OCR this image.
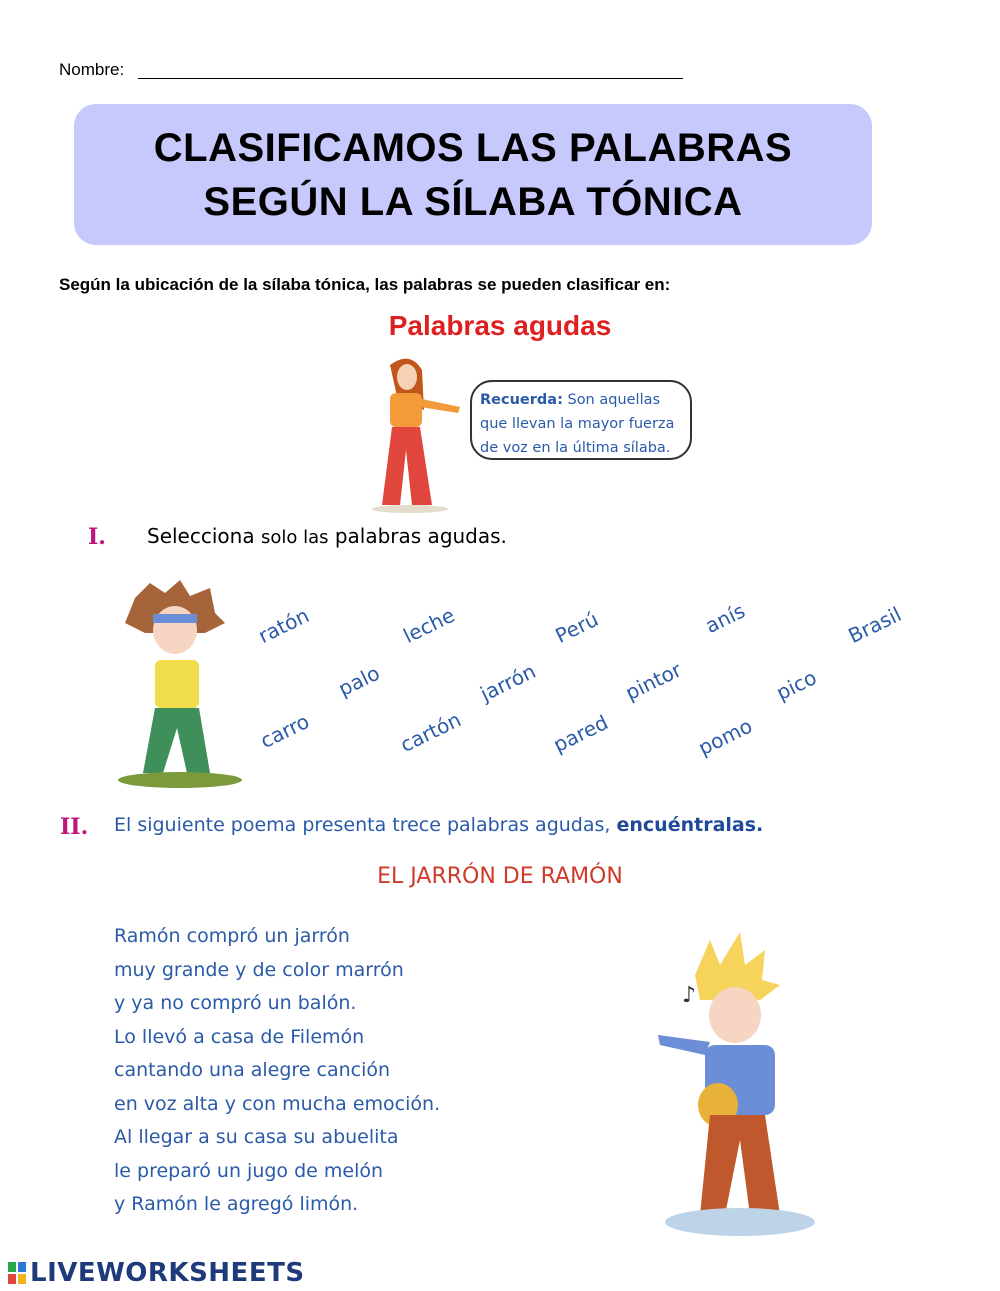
Nombre:
CLASIFICAMOS LAS PALABRAS
SEGÚN LA SÍLABA TÓNICA
Según la ubicación de la sílaba tónica, las palabras se pueden clasificar en:
Palabras agudas
Recuerda: Son aquellas
que llevan la mayor fuerza
de voz en la última sílaba.
I. Selecciona solo las palabras agudas.
ratón	leche	Perú	anís	Brasil
palo	jarrón	pintor	pico
carro	cartón	pared	pomo
II. El siguiente poema presenta trece palabras agudas, encuéntralas.
EL JARRÓN DE RAMÓN
Ramón compró un jarrón
muy grande y de color marrón
y ya no compró un balón.
Lo llevó a casa de Filemón
cantando una alegre canción
en voz alta y con mucha emoción.
Al llegar a su casa su abuelita
le preparó un jugo de melón
y Ramón le agregó limón.
♪
LIVEWORKSHEETS
